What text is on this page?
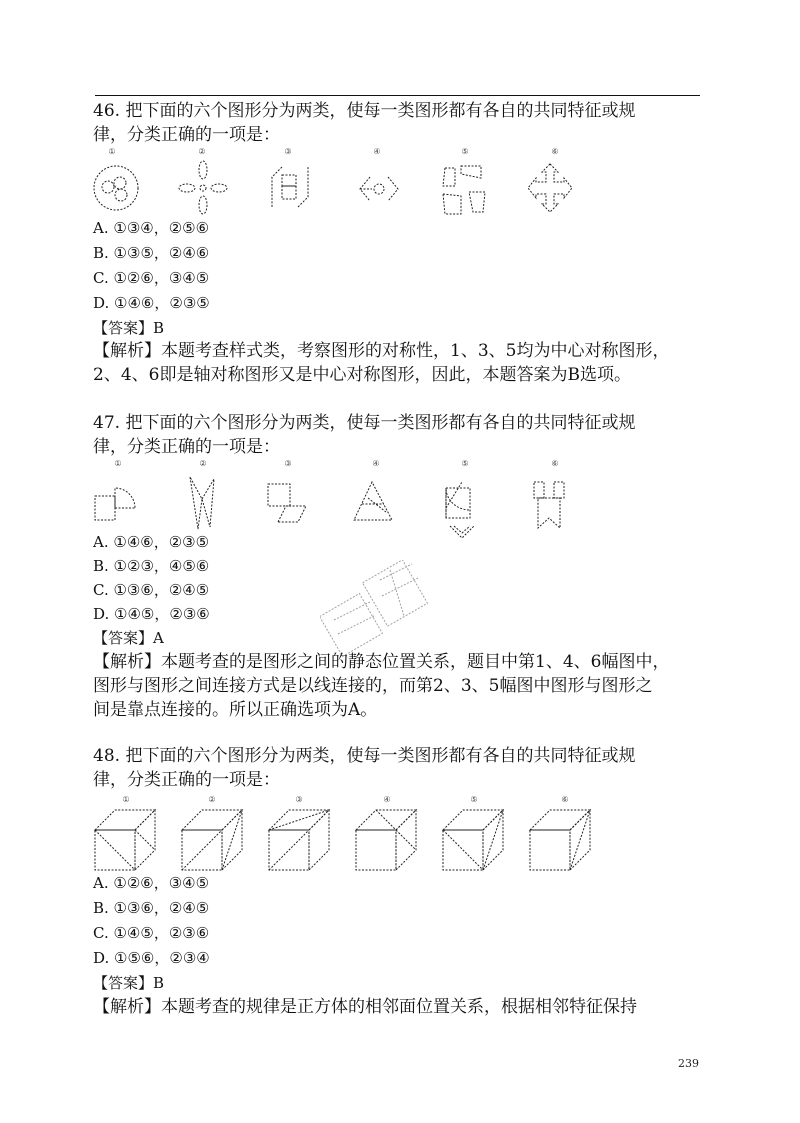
46. 把下面的六个图形分为两类，使每一类图形都有各自的共同特征或规
律，分类正确的一项是：
①	②	③	④	⑤	⑥
A. ①③④，②⑤⑥
B. ①③⑤，②④⑥
C. ①②⑥，③④⑤
D. ①④⑥，②③⑤
【答案】B
【解析】本题考查样式类，考察图形的对称性，1、3、5均为中心对称图形，
2、4、6即是轴对称图形又是中心对称图形，因此，本题答案为B选项。
47. 把下面的六个图形分为两类，使每一类图形都有各自的共同特征或规
律，分类正确的一项是：
①	②	③	④	⑤	⑥
A. ①④⑥，②③⑤
B. ①②③，④⑤⑥
C. ①③⑥，②④⑤
D. ①④⑤，②③⑥
【答案】A
【解析】本题考查的是图形之间的静态位置关系，题目中第1、4、6幅图中，
图形与图形之间连接方式是以线连接的，而第2、3、5幅图中图形与图形之
间是靠点连接的。所以正确选项为A。
48. 把下面的六个图形分为两类，使每一类图形都有各自的共同特征或规
律，分类正确的一项是：
①	②	③	④	⑤	⑥
A. ①②⑥，③④⑤
B. ①③⑥，②④⑤
C. ①④⑤，②③⑥
D. ①⑤⑥，②③④
【答案】B
【解析】本题考查的规律是正方体的相邻面位置关系，根据相邻特征保持
239
